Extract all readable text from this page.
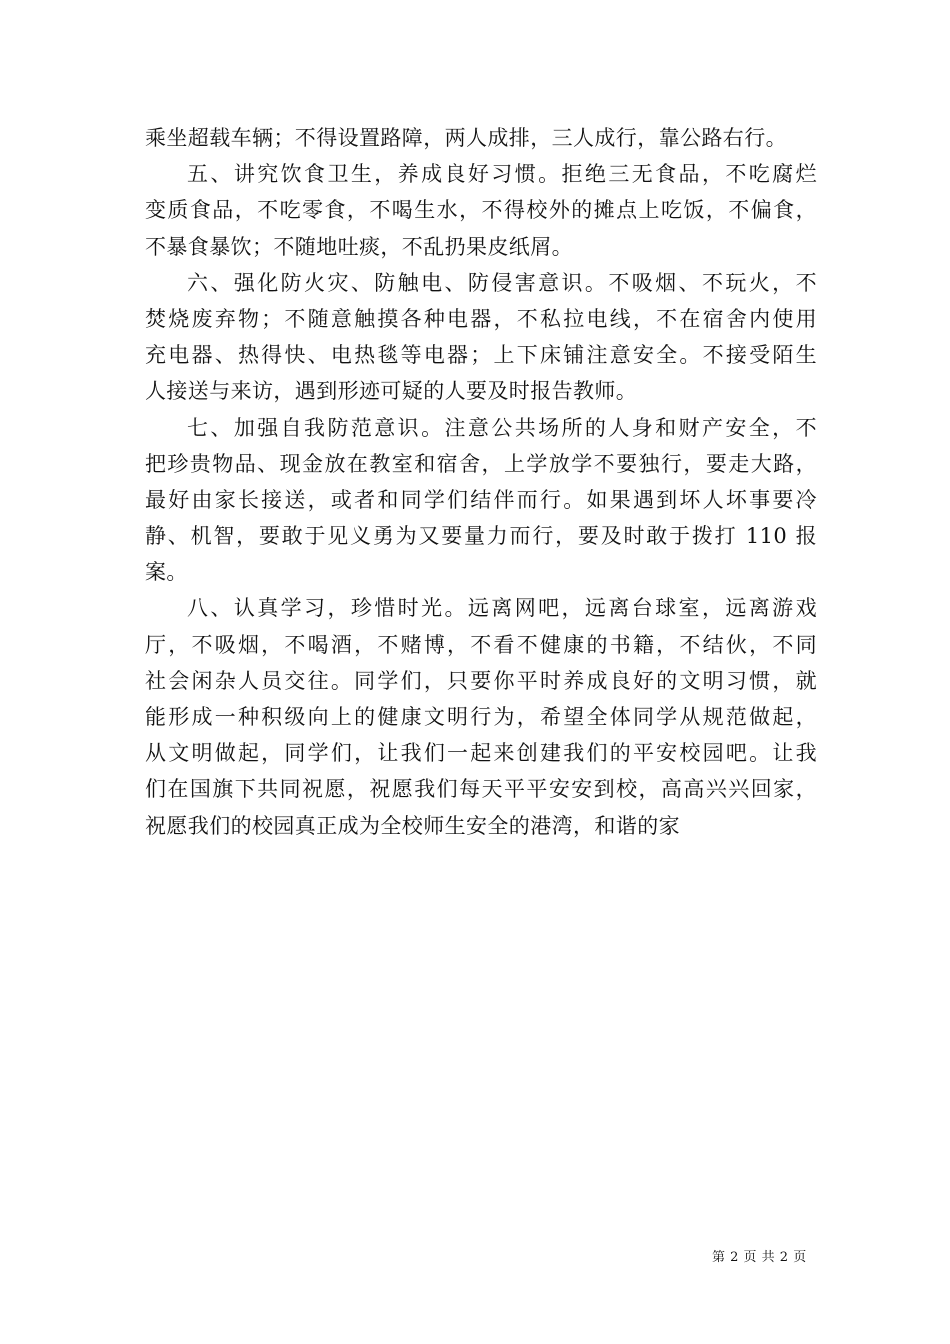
乘坐超载车辆；不得设置路障，两人成排，三人成行，靠公路右行。
五、讲究饮食卫生，养成良好习惯。拒绝三无食品，不吃腐烂
变质食品，不吃零食，不喝生水，不得校外的摊点上吃饭，不偏食，
不暴食暴饮；不随地吐痰，不乱扔果皮纸屑。
六、强化防火灾、防触电、防侵害意识。不吸烟、不玩火，不
焚烧废弃物；不随意触摸各种电器，不私拉电线，不在宿舍内使用
充电器、热得快、电热毯等电器；上下床铺注意安全。不接受陌生
人接送与来访，遇到形迹可疑的人要及时报告教师。
七、加强自我防范意识。注意公共场所的人身和财产安全，不
把珍贵物品、现金放在教室和宿舍，上学放学不要独行，要走大路，
最好由家长接送，或者和同学们结伴而行。如果遇到坏人坏事要冷
静、机智，要敢于见义勇为又要量力而行，要及时敢于拨打 110 报
案。
八、认真学习，珍惜时光。远离网吧，远离台球室，远离游戏
厅，不吸烟，不喝酒，不赌博，不看不健康的书籍，不结伙，不同
社会闲杂人员交往。同学们，只要你平时养成良好的文明习惯，就
能形成一种积级向上的健康文明行为，希望全体同学从规范做起，
从文明做起，同学们，让我们一起来创建我们的平安校园吧。让我
们在国旗下共同祝愿，祝愿我们每天平平安安到校，高高兴兴回家，
祝愿我们的校园真正成为全校师生安全的港湾，和谐的家
第 2 页 共 2 页
